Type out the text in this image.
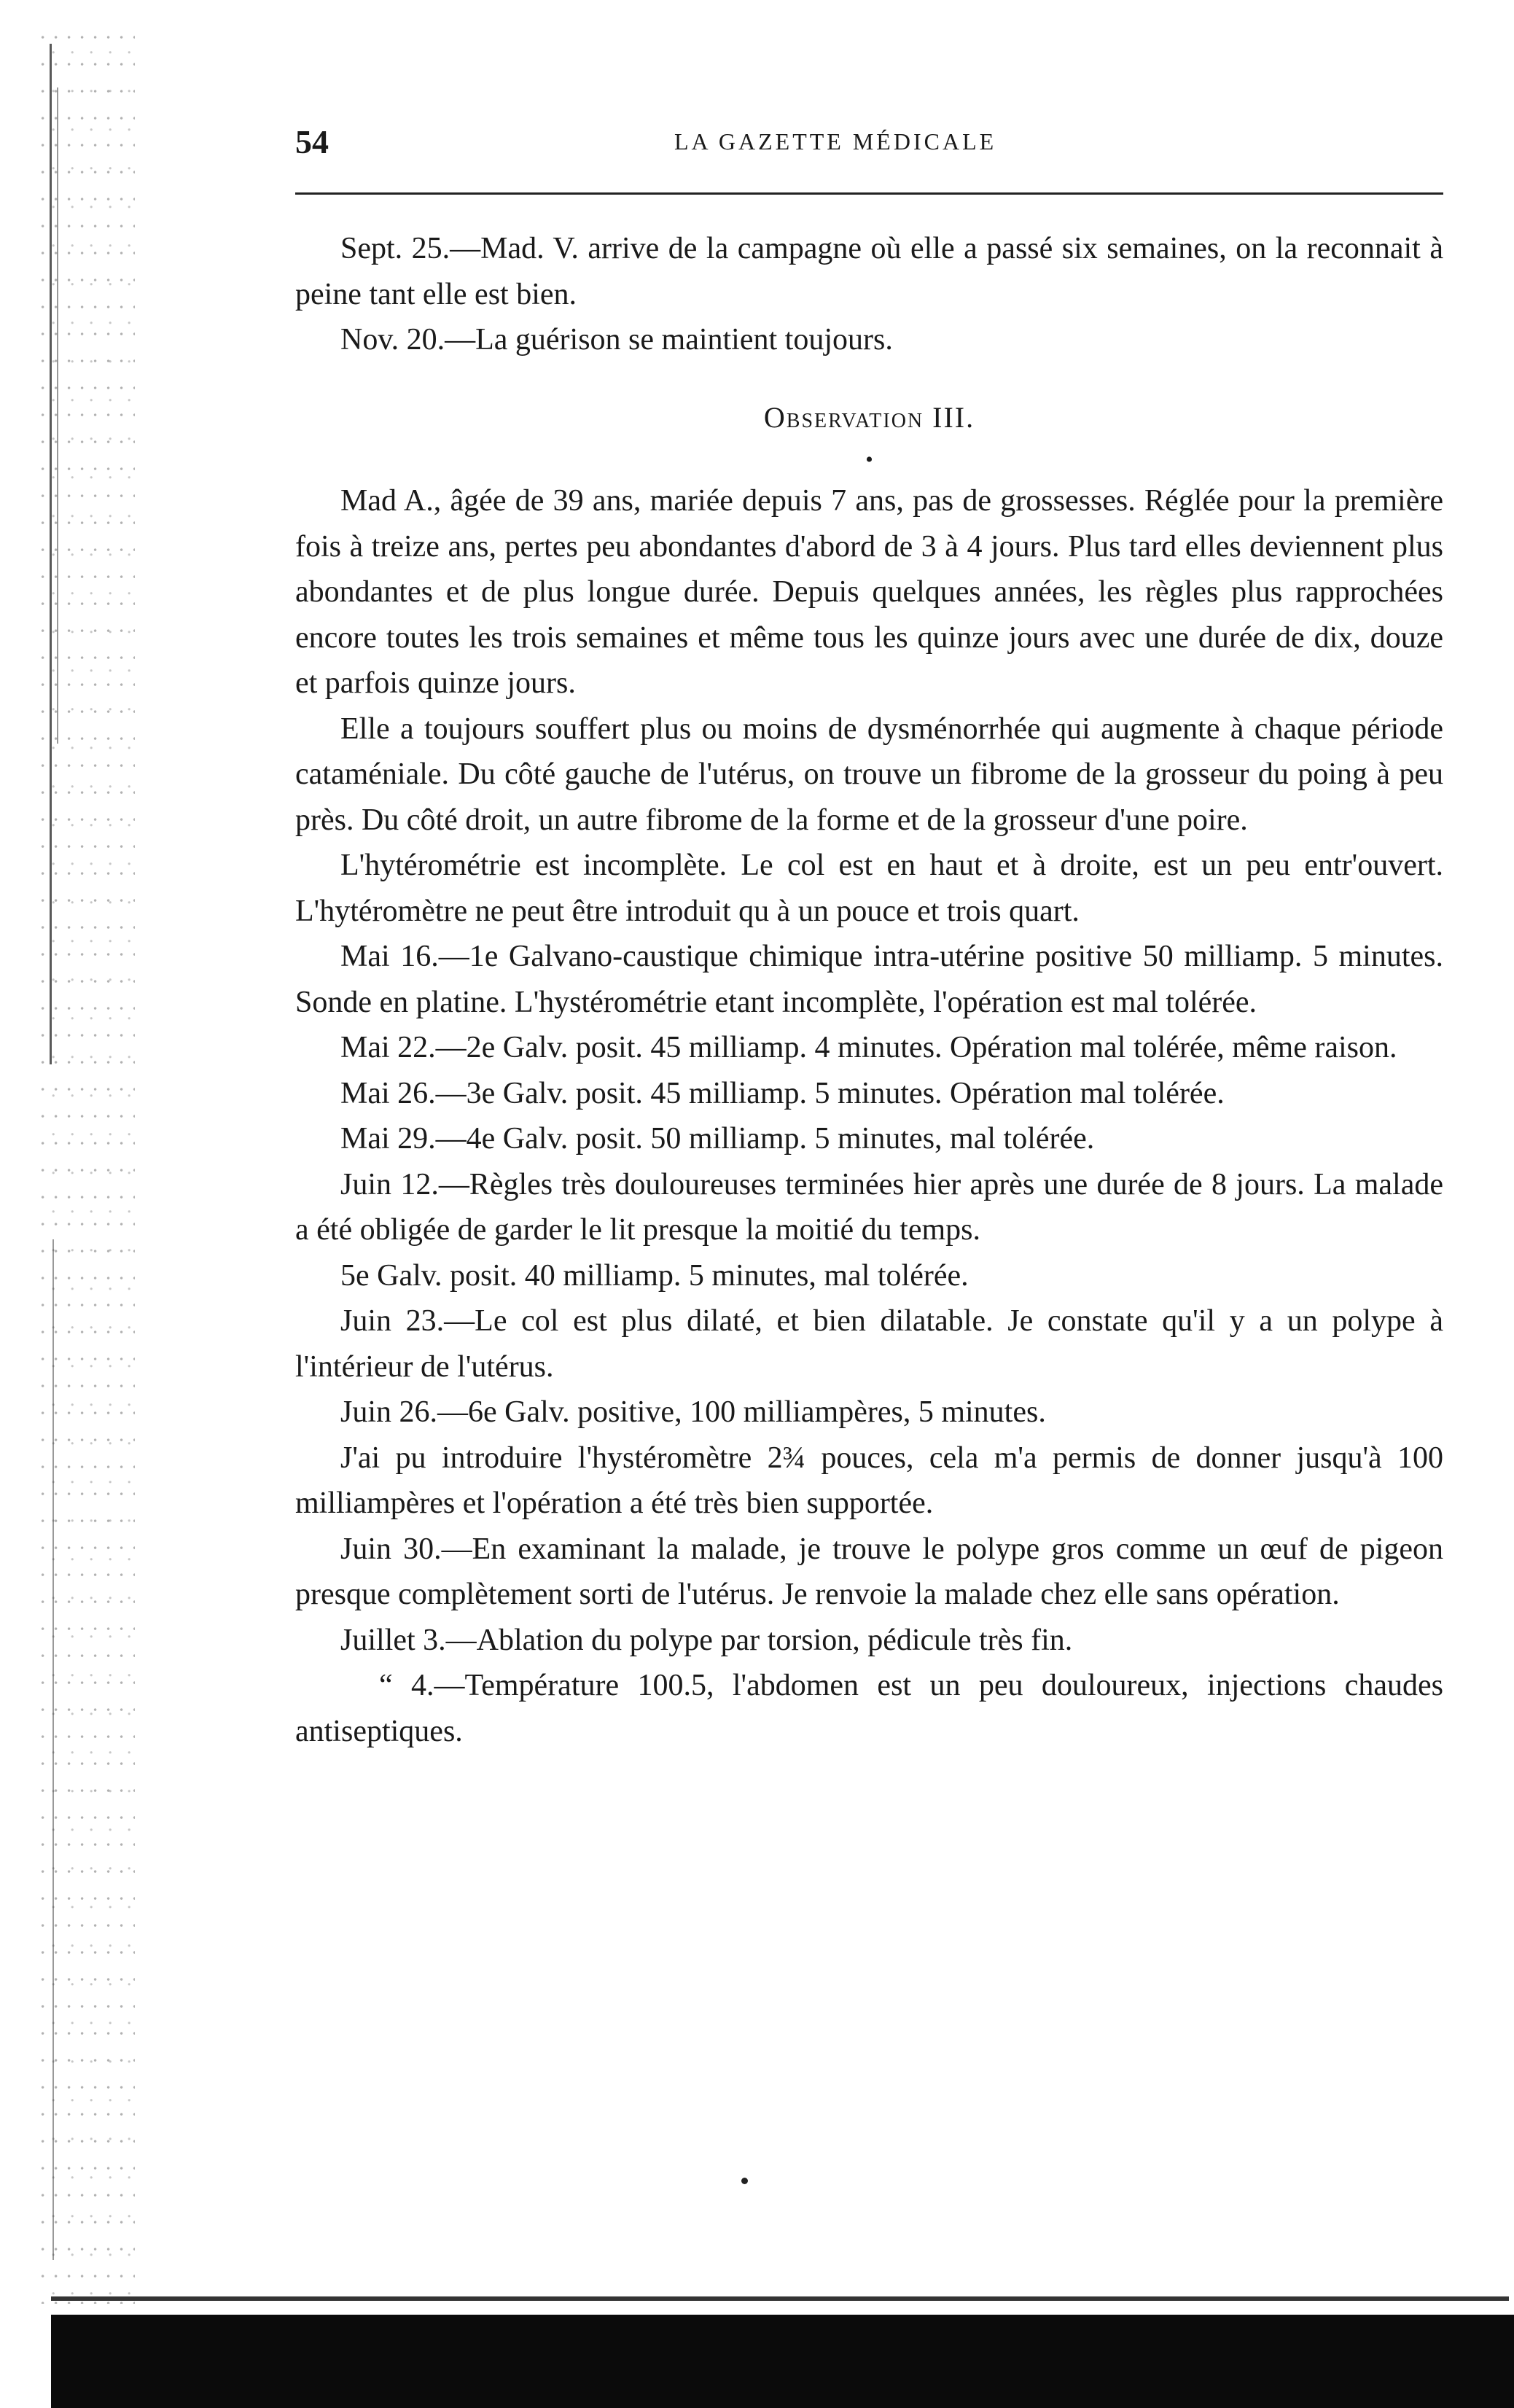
54	LA GAZETTE MÉDICALE

Sept. 25.—Mad. V. arrive de la campagne où elle a passé six semaines, on la reconnait à peine tant elle est bien.

Nov. 20.—La guérison se maintient toujours.

Observation III.
•

Mad A., âgée de 39 ans, mariée depuis 7 ans, pas de grossesses. Réglée pour la première fois à treize ans, pertes peu abondantes d'abord de 3 à 4 jours. Plus tard elles deviennent plus abondantes et de plus longue durée. Depuis quelques années, les règles plus rapprochées encore toutes les trois semaines et même tous les quinze jours avec une durée de dix, douze et parfois quinze jours.

Elle a toujours souffert plus ou moins de dysménorrhée qui augmente à chaque période cataméniale. Du côté gauche de l'utérus, on trouve un fibrome de la grosseur du poing à peu près. Du côté droit, un autre fibrome de la forme et de la grosseur d'une poire.

L'hytérométrie est incomplète. Le col est en haut et à droite, est un peu entr'ouvert. L'hytéromètre ne peut être introduit qu à un pouce et trois quart.

Mai 16.—1e Galvano-caustique chimique intra-utérine positive 50 milliamp. 5 minutes. Sonde en platine. L'hystérométrie etant incomplète, l'opération est mal tolérée.

Mai 22.—2e Galv. posit. 45 milliamp. 4 minutes. Opération mal tolérée, même raison.

Mai 26.—3e Galv. posit. 45 milliamp. 5 minutes. Opération mal tolérée.

Mai 29.—4e Galv. posit. 50 milliamp. 5 minutes, mal tolérée.

Juin 12.—Règles très douloureuses terminées hier après une durée de 8 jours. La malade a été obligée de garder le lit presque la moitié du temps.

5e Galv. posit. 40 milliamp. 5 minutes, mal tolérée.

Juin 23.—Le col est plus dilaté, et bien dilatable. Je constate qu'il y a un polype à l'intérieur de l'utérus.

Juin 26.—6e Galv. positive, 100 milliampères, 5 minutes.

J'ai pu introduire l'hystéromètre 2¾ pouces, cela m'a permis de donner jusqu'à 100 milliampères et l'opération a été très bien supportée.

Juin 30.—En examinant la malade, je trouve le polype gros comme un œuf de pigeon presque complètement sorti de l'utérus. Je renvoie la malade chez elle sans opération.

Juillet 3.—Ablation du polype par torsion, pédicule très fin.

“ 4.—Température 100.5, l'abdomen est un peu douloureux, injections chaudes antiseptiques.
